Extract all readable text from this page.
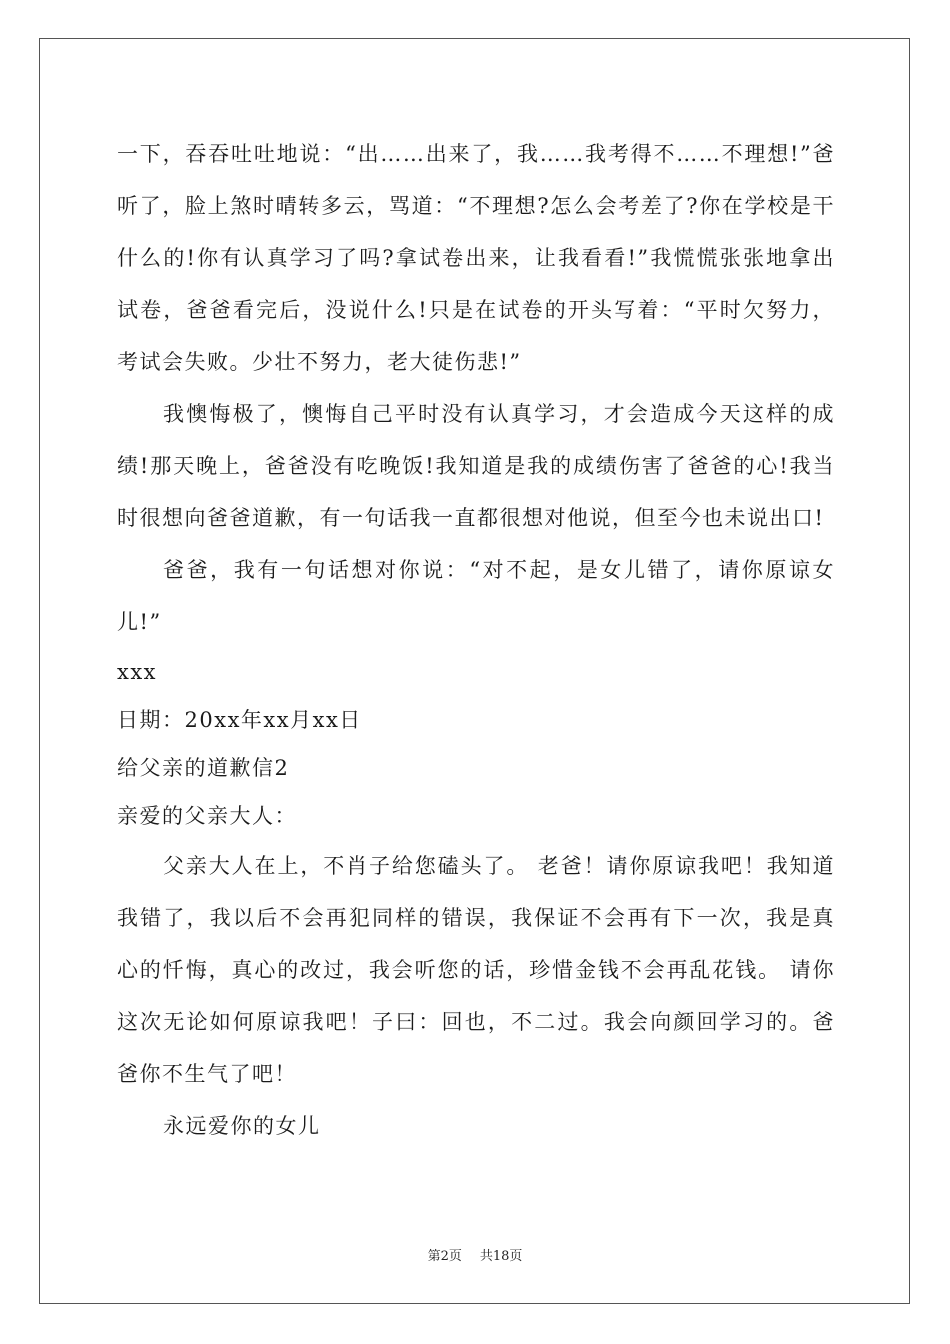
一下，吞吞吐吐地说：“出……出来了，我……我考得不……不理想!”爸听了，脸上煞时晴转多云，骂道：“不理想?怎么会考差了?你在学校是干什么的!你有认真学习了吗?拿试卷出来，让我看看!”我慌慌张张地拿出试卷，爸爸看完后，没说什么!只是在试卷的开头写着：“平时欠努力，考试会失败。少壮不努力，老大徒伤悲!”

我懊悔极了，懊悔自己平时没有认真学习，才会造成今天这样的成绩!那天晚上，爸爸没有吃晚饭!我知道是我的成绩伤害了爸爸的心!我当时很想向爸爸道歉，有一句话我一直都很想对他说，但至今也未说出口!

爸爸，我有一句话想对你说：“对不起，是女儿错了，请你原谅女儿!”

xxx

日期：20xx年xx月xx日

给父亲的道歉信2

亲爱的父亲大人：

父亲大人在上，不肖子给您磕头了。 老爸！请你原谅我吧！我知道我错了，我以后不会再犯同样的错误，我保证不会再有下一次，我是真心的忏悔，真心的改过，我会听您的话，珍惜金钱不会再乱花钱。 请你这次无论如何原谅我吧！子曰：回也，不二过。我会向颜回学习的。爸爸你不生气了吧！

永远爱你的女儿

第2页 共18页
